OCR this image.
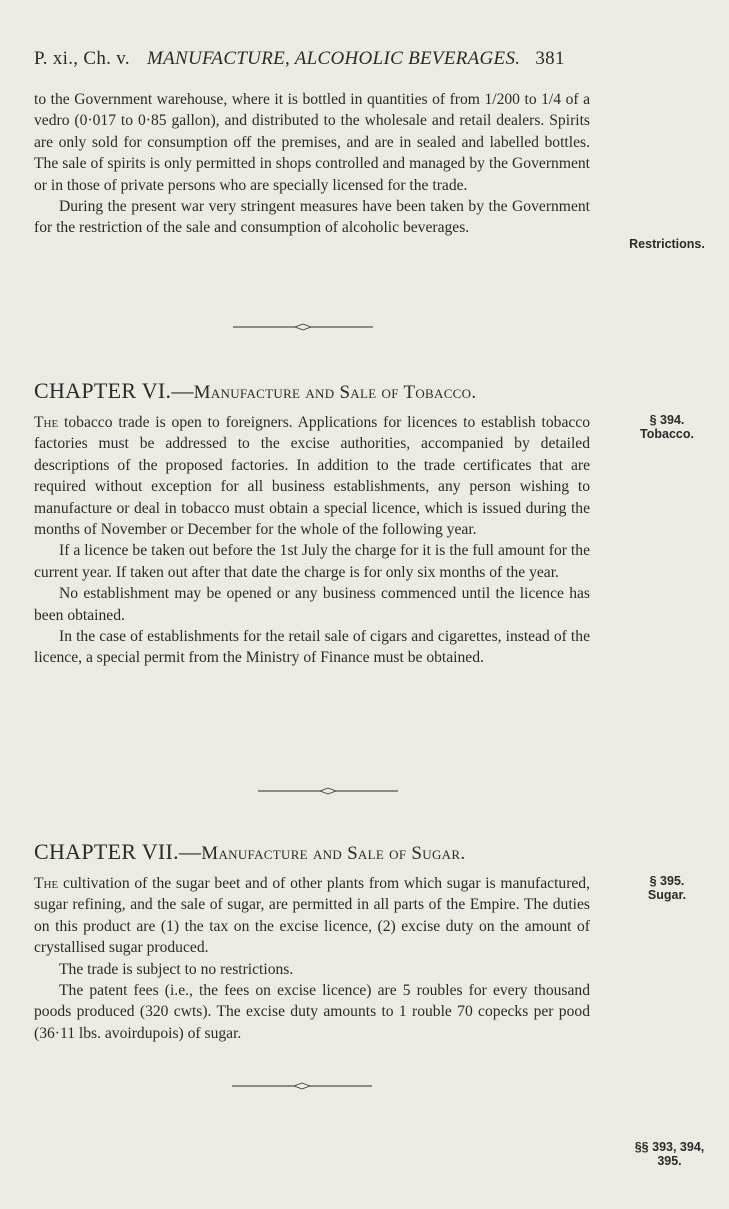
P. xi., Ch. v. MANUFACTURE, ALCOHOLIC BEVERAGES. 381

to the Government warehouse, where it is bottled in quantities of from 1/200 to 1/4 of a vedro (0·017 to 0·85 gallon), and distributed to the wholesale and retail dealers. Spirits are only sold for consumption off the premises, and are in sealed and labelled bottles. The sale of spirits is only permitted in shops controlled and managed by the Government or in those of private persons who are specially licensed for the trade.

During the present war very stringent measures have been taken by the Government for the restriction of the sale and consumption of alcoholic beverages.

Restrictions.
CHAPTER VI.—Manufacture and Sale of Tobacco.

The tobacco trade is open to foreigners. Applications for licences to establish tobacco factories must be addressed to the excise authorities, accompanied by detailed descriptions of the proposed factories. In addition to the trade certificates that are required without exception for all business establishments, any person wishing to manufacture or deal in tobacco must obtain a special licence, which is issued during the months of November or December for the whole of the following year.

If a licence be taken out before the 1st July the charge for it is the full amount for the current year. If taken out after that date the charge is for only six months of the year.

No establishment may be opened or any business commenced until the licence has been obtained.

In the case of establishments for the retail sale of cigars and cigarettes, instead of the licence, a special permit from the Ministry of Finance must be obtained.

§ 394.
Tobacco.
CHAPTER VII.—Manufacture and Sale of Sugar.

The cultivation of the sugar beet and of other plants from which sugar is manufactured, sugar refining, and the sale of sugar, are permitted in all parts of the Empire. The duties on this product are (1) the tax on the excise licence, (2) excise duty on the amount of crystallised sugar produced.

The trade is subject to no restrictions.

The patent fees (i.e., the fees on excise licence) are 5 roubles for every thousand poods produced (320 cwts). The excise duty amounts to 1 rouble 70 copecks per pood (36·11 lbs. avoirdupois) of sugar.

§ 395.
Sugar.
§§ 393, 394,
395.
